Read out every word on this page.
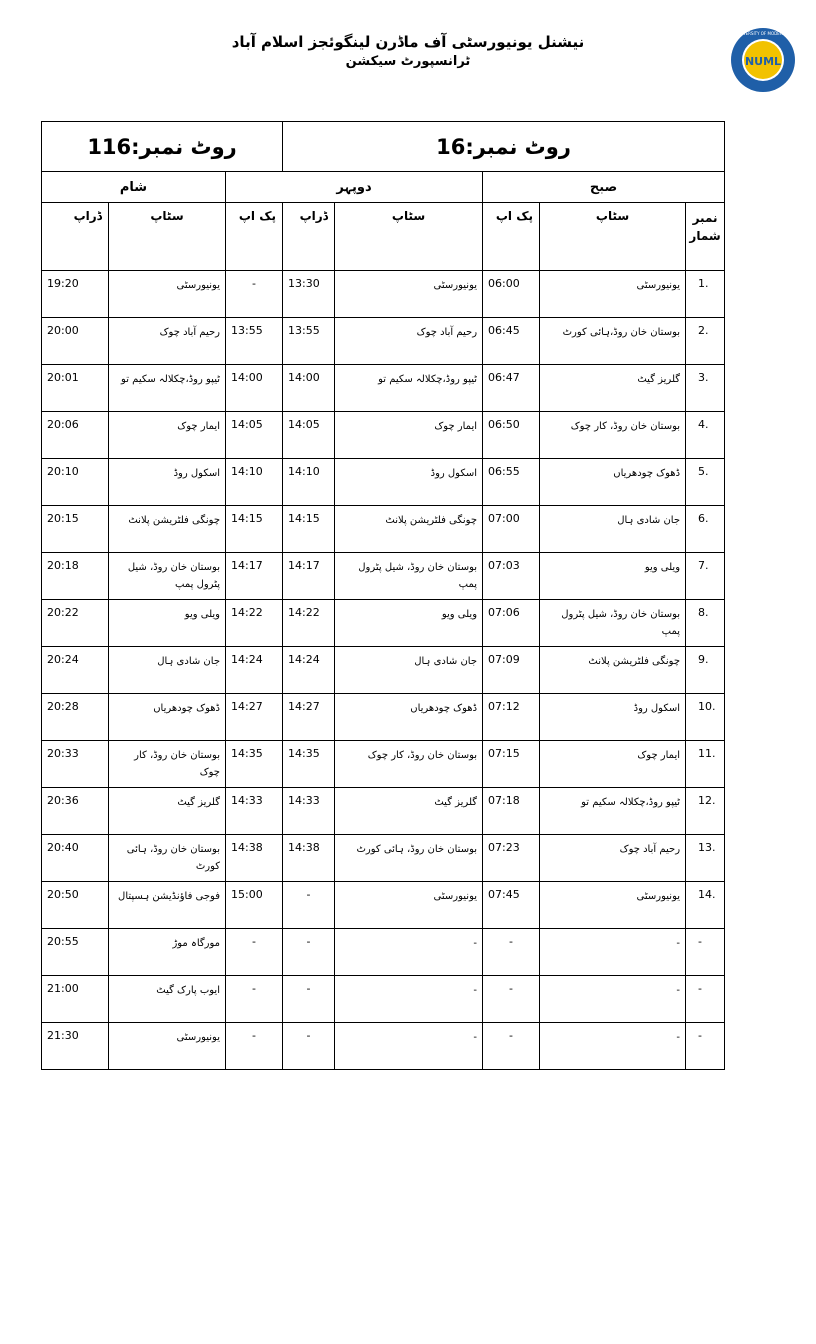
نیشنل یونیورسٹی آف ماڈرن لینگوئجز اسلام آباد
ٹرانسپورٹ سیکشن	NUML
NATIONAL UNIVERSITY OF MODERN LANGUAGES
روٹ نمبر:116			روٹ نمبر:16				
شام		دوپہر			صبح		
ڈراپ	سٹاپ	پک اپ	ڈراپ	سٹاپ	پک اپ	سٹاپ	نمبر شمار
19:20	یونیورسٹی	-	13:30	یونیورسٹی	06:00	یونیورسٹی	1.
20:00	رحیم آباد چوک	13:55	13:55	رحیم آباد چوک	06:45	بوستان خان روڈ،ہائی کورٹ	2.
20:01	ٹیپو روڈ،چکلالہ سکیم تو	14:00	14:00	ٹیپو روڈ،چکلالہ سکیم تو	06:47	گلریز گیٹ	3.
20:06	ایمار چوک	14:05	14:05	ایمار چوک	06:50	بوستان خان روڈ، کار چوک	4.
20:10	اسکول روڈ	14:10	14:10	اسکول روڈ	06:55	ڈھوک چودھریاں	5.
20:15	چونگی فلٹریشن پلانٹ	14:15	14:15	چونگی فلٹریشن پلانٹ	07:00	جان شادی ہال	6.
20:18	بوستان خان روڈ، شیل پٹرول پمپ	14:17	14:17	بوستان خان روڈ، شیل پٹرول پمپ	07:03	ویلی ویو	7.
20:22	ویلی ویو	14:22	14:22	ویلی ویو	07:06	بوستان خان روڈ، شیل پٹرول پمپ	8.
20:24	جان شادی ہال	14:24	14:24	جان شادی ہال	07:09	چونگی فلٹریشن پلانٹ	9.
20:28	ڈھوک چودھریاں	14:27	14:27	ڈھوک چودھریاں	07:12	اسکول روڈ	10.
20:33	بوستان خان روڈ، کار چوک	14:35	14:35	بوستان خان روڈ، کار چوک	07:15	ایمار چوک	11.
20:36	گلریز گیٹ	14:33	14:33	گلریز گیٹ	07:18	ٹیپو روڈ،چکلالہ سکیم تو	12.
20:40	بوستان خان روڈ، ہائی کورٹ	14:38	14:38	بوستان خان روڈ، ہائی کورٹ	07:23	رحیم آباد چوک	13.
20:50	فوجی فاؤنڈیشن ہسپتال	15:00	-	یونیورسٹی	07:45	یونیورسٹی	14.
20:55	مورگاہ موڑ	-	-	-	-	-	-
21:00	ایوب پارک گیٹ	-	-	-	-	-	-
21:30	یونیورسٹی	-	-	-	-	-	-
